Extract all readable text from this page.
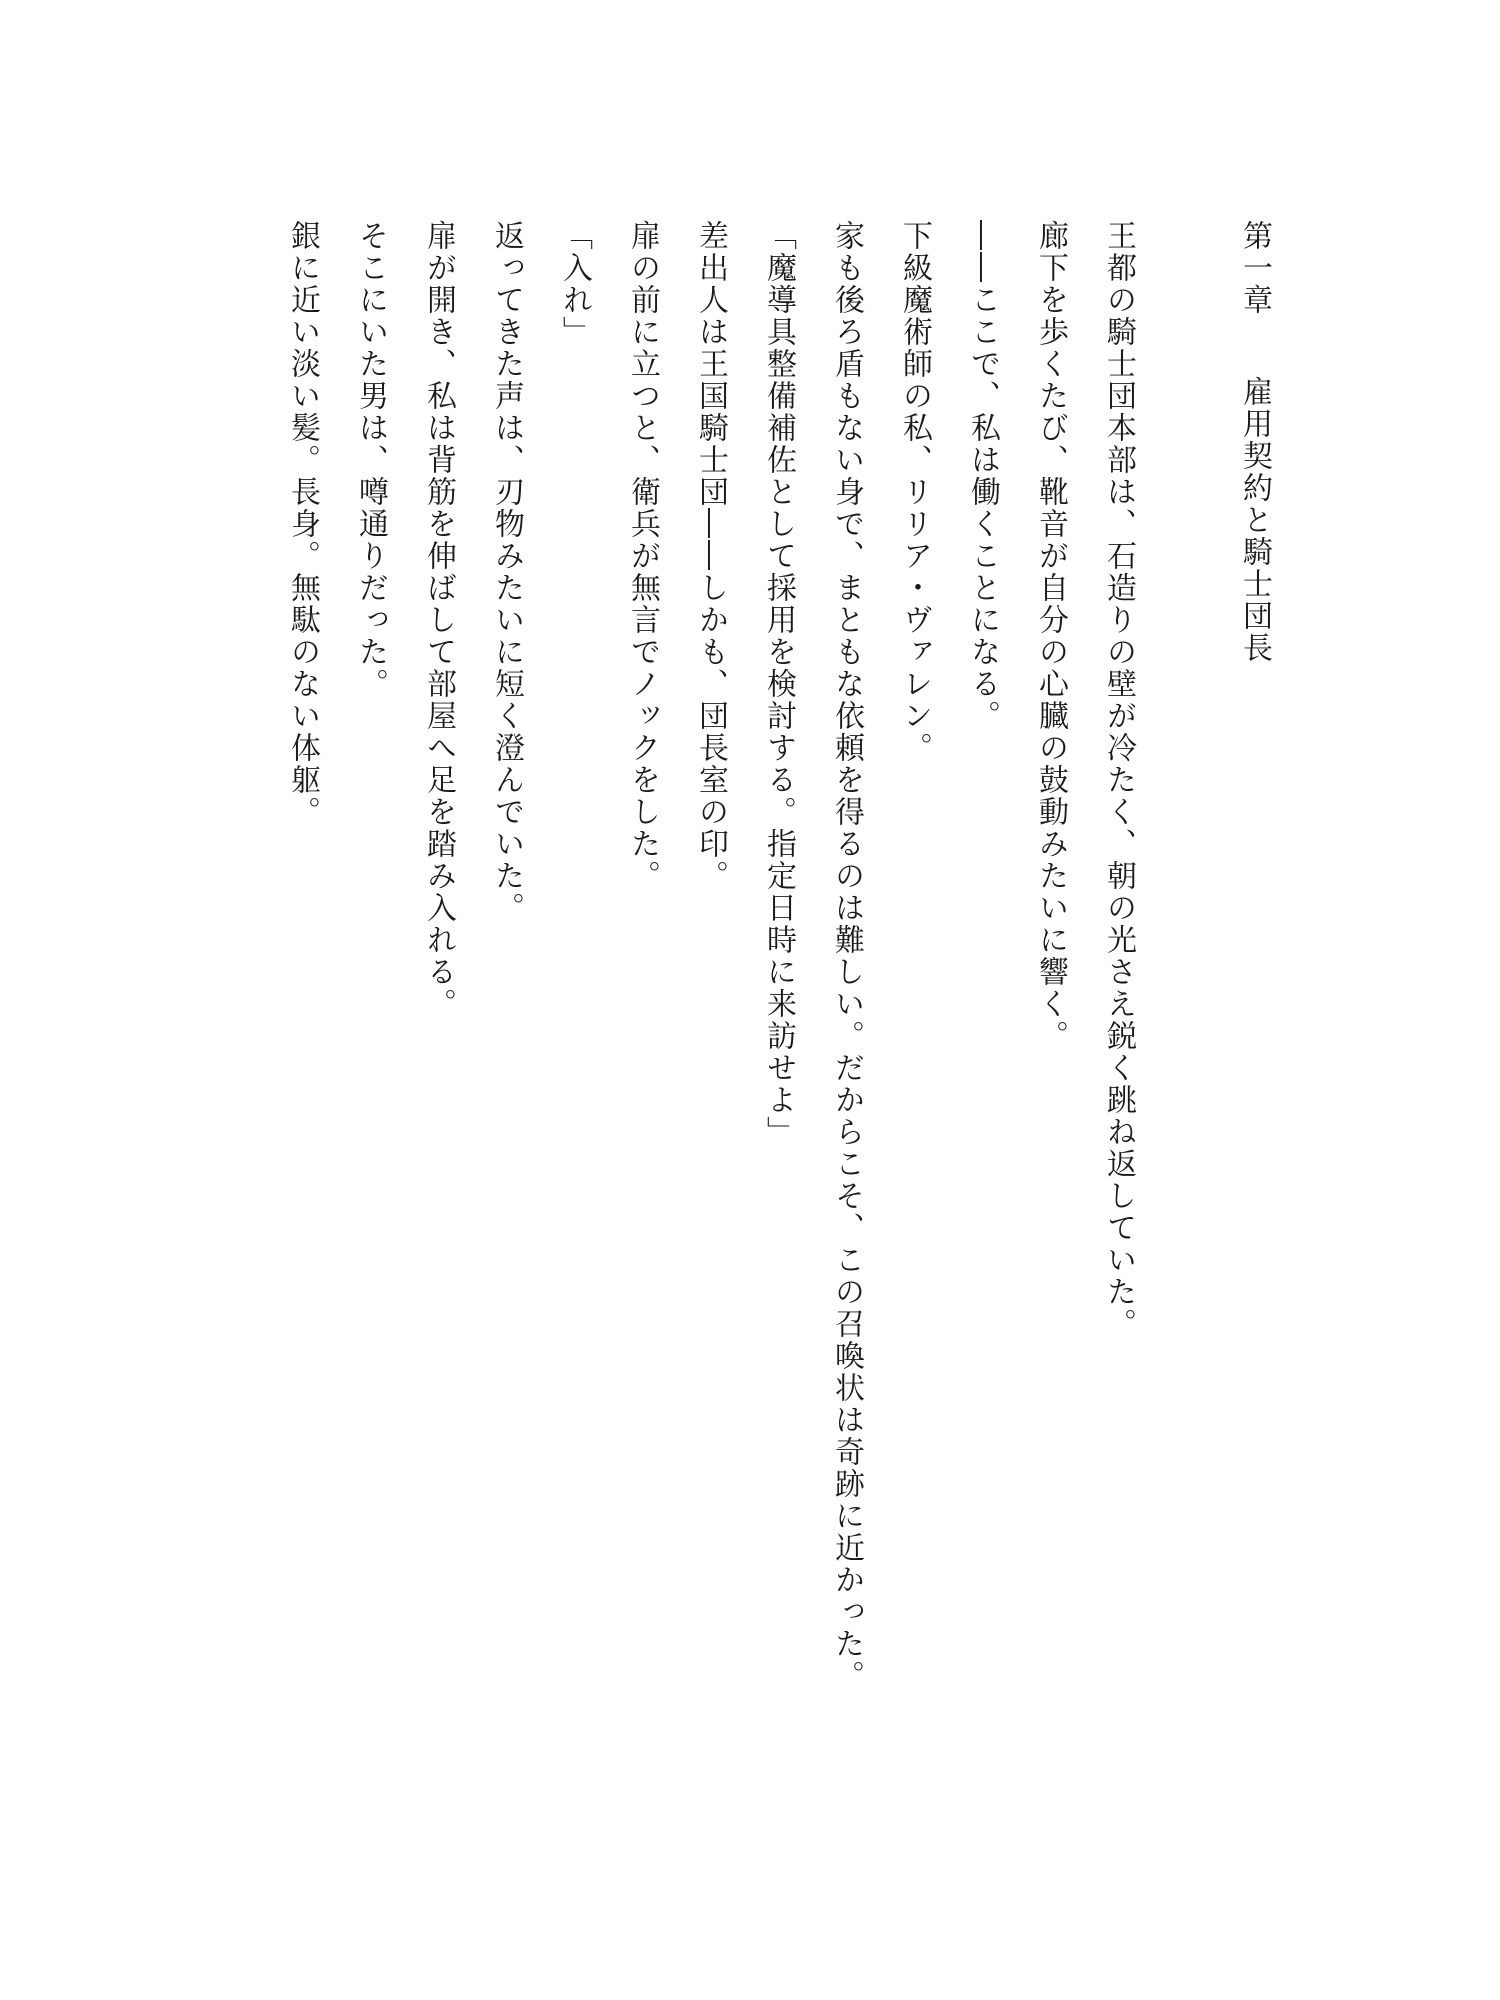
第一章雇用契約と騎士団長
王都の騎士団本部は、石造りの壁が冷たく、朝の光さえ鋭く跳ね返していた。
廊下を歩くたび、靴音が自分の心臓の鼓動みたいに響く。
――ここで、私は働くことになる。
下級魔術師の私、リリア・ヴァレン。
家も後ろ盾もない身で、まともな依頼を得るのは難しい。だからこそ、この召喚状は奇跡に近かった。
「魔導具整備補佐として採用を検討する。指定日時に来訪せよ」
差出人は王国騎士団――しかも、団長室の印。
扉の前に立つと、衛兵が無言でノックをした。
「入れ」
返ってきた声は、刃物みたいに短く澄んでいた。
扉が開き、私は背筋を伸ばして部屋へ足を踏み入れる。
そこにいた男は、噂通りだった。
銀に近い淡い髪。長身。無駄のない体躯。
